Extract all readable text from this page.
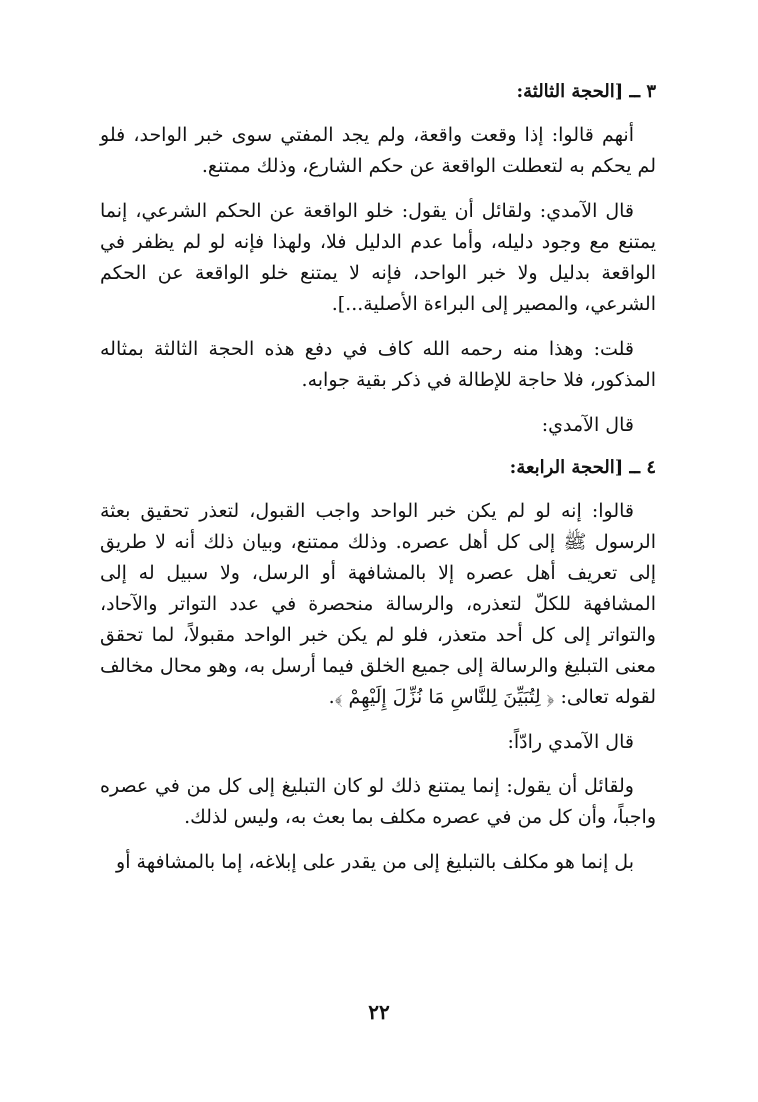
٣ ــ [الحجة الثالثة:

أنهم قالوا: إذا وقعت واقعة، ولم يجد المفتي سوى خبر الواحد، فلو لم يحكم به لتعطلت الواقعة عن حكم الشارع، وذلك ممتنع.

قال الآمدي: ولقائل أن يقول: خلو الواقعة عن الحكم الشرعي، إنما يمتنع مع وجود دليله، وأما عدم الدليل فلا، ولهذا فإنه لو لم يظفر في الواقعة بدليل ولا خبر الواحد، فإنه لا يمتنع خلو الواقعة عن الحكم الشرعي، والمصير إلى البراءة الأصلية...].

قلت: وهذا منه رحمه الله كاف في دفع هذه الحجة الثالثة بمثاله المذكور، فلا حاجة للإطالة في ذكر بقية جوابه.

قال الآمدي:
٤ ــ [الحجة الرابعة:

قالوا: إنه لو لم يكن خبر الواحد واجب القبول، لتعذر تحقيق بعثة الرسول ﷺ إلى كل أهل عصره. وذلك ممتنع، وبيان ذلك أنه لا طريق إلى تعريف أهل عصره إلا بالمشافهة أو الرسل، ولا سبيل له إلى المشافهة للكلّ لتعذره، والرسالة منحصرة في عدد التواتر والآحاد، والتواتر إلى كل أحد متعذر، فلو لم يكن خبر الواحد مقبولاً، لما تحقق معنى التبليغ والرسالة إلى جميع الخلق فيما أرسل به، وهو محال مخالف لقوله تعالى: ﴿ لِتُبَيِّنَ لِلنَّاسِ مَا نُزِّلَ إِلَيْهِمْ ﴾.

قال الآمدي رادّاً:

ولقائل أن يقول: إنما يمتنع ذلك لو كان التبليغ إلى كل من في عصره واجباً، وأن كل من في عصره مكلف بما بعث به، وليس لذلك.

بل إنما هو مكلف بالتبليغ إلى من يقدر على إبلاغه، إما بالمشافهة أو

٢٢
